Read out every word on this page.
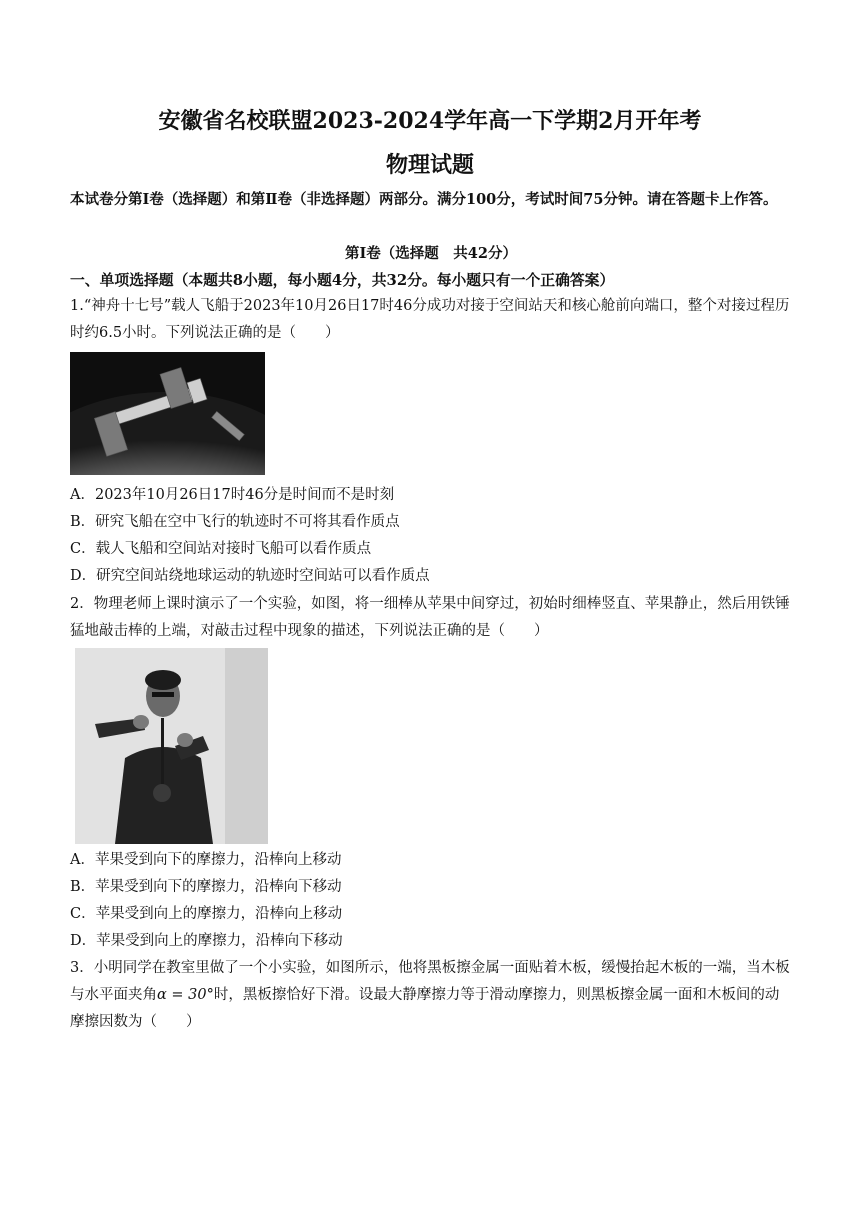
安徽省名校联盟2023-2024学年高一下学期2月开年考
物理试题
本试卷分第Ⅰ卷（选择题）和第Ⅱ卷（非选择题）两部分。满分100分，考试时间75分钟。请在答题卡上作答。
第Ⅰ卷（选择题　共42分）
一、单项选择题（本题共8小题，每小题4分，共32分。每小题只有一个正确答案）
1.“神舟十七号”载人飞船于2023年10月26日17时46分成功对接于空间站天和核心舱前向端口，整个对接过程历时约6.5小时。下列说法正确的是（　　）
A．2023年10月26日17时46分是时间而不是时刻
B．研究飞船在空中飞行的轨迹时不可将其看作质点
C．载人飞船和空间站对接时飞船可以看作质点
D．研究空间站绕地球运动的轨迹时空间站可以看作质点
2．物理老师上课时演示了一个实验，如图，将一细棒从苹果中间穿过，初始时细棒竖直、苹果静止，然后用铁锤猛地敲击棒的上端，对敲击过程中现象的描述，下列说法正确的是（　　）
A．苹果受到向下的摩擦力，沿棒向上移动
B．苹果受到向下的摩擦力，沿棒向下移动
C．苹果受到向上的摩擦力，沿棒向上移动
D．苹果受到向上的摩擦力，沿棒向下移动
3．小明同学在教室里做了一个小实验，如图所示，他将黑板擦金属一面贴着木板，缓慢抬起木板的一端，当木板与水平面夹角α = 30°时，黑板擦恰好下滑。设最大静摩擦力等于滑动摩擦力，则黑板擦金属一面和木板间的动摩擦因数为（　　）
